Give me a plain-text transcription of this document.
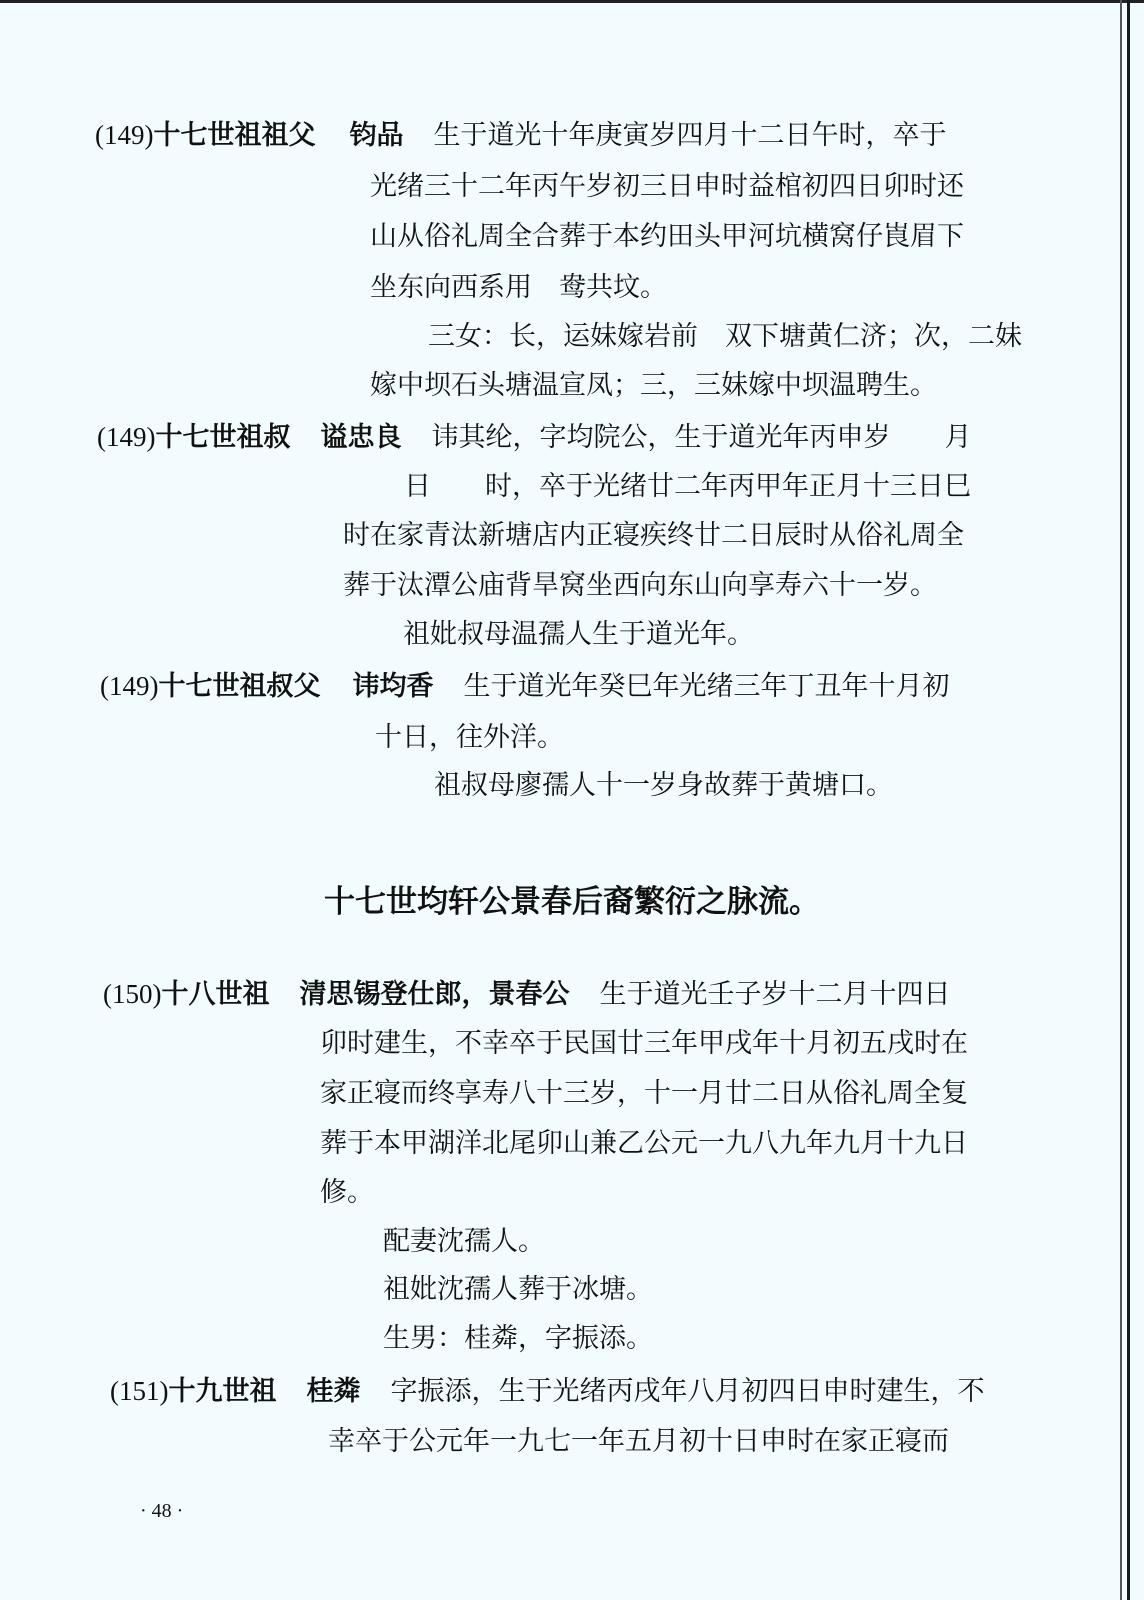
(149)十七世祖祖父 钧品 生于道光十年庚寅岁四月十二日午时，卒于
光绪三十二年丙午岁初三日申时益棺初四日卯时还
山从俗礼周全合葬于本约田头甲河坑横窝仔崀眉下
坐东向西系用　鸯共坟。
三女：长，运妹嫁岩前　双下塘黄仁济；次，二妹
嫁中坝石头塘温宣凤；三，三妹嫁中坝温聘生。
(149)十七世祖叔 谥忠良 讳其纶，字均院公，生于道光年丙申岁　　月
日　　时，卒于光绪廿二年丙甲年正月十三日巳
时在家青汰新塘店内正寝疾终廿二日辰时从俗礼周全
葬于汰潭公庙背旱窝坐西向东山向享寿六十一岁。
祖妣叔母温孺人生于道光年。
(149)十七世祖叔父 讳均香 生于道光年癸巳年光绪三年丁丑年十月初
十日，往外洋。
祖叔母廖孺人十一岁身故葬于黄塘口。
十七世均轩公景春后裔繁衍之脉流。
(150)十八世祖 清思锡登仕郎，景春公 生于道光壬子岁十二月十四日
卯时建生，不幸卒于民国廿三年甲戌年十月初五戌时在
家正寝而终享寿八十三岁，十一月廿二日从俗礼周全复
葬于本甲湖洋北尾卯山兼乙公元一九八九年九月十九日
修。
配妻沈孺人。
祖妣沈孺人葬于冰塘。
生男：桂粦，字振添。
(151)十九世祖 桂粦 字振添，生于光绪丙戌年八月初四日申时建生，不
幸卒于公元年一九七一年五月初十日申时在家正寝而
· 48 ·
